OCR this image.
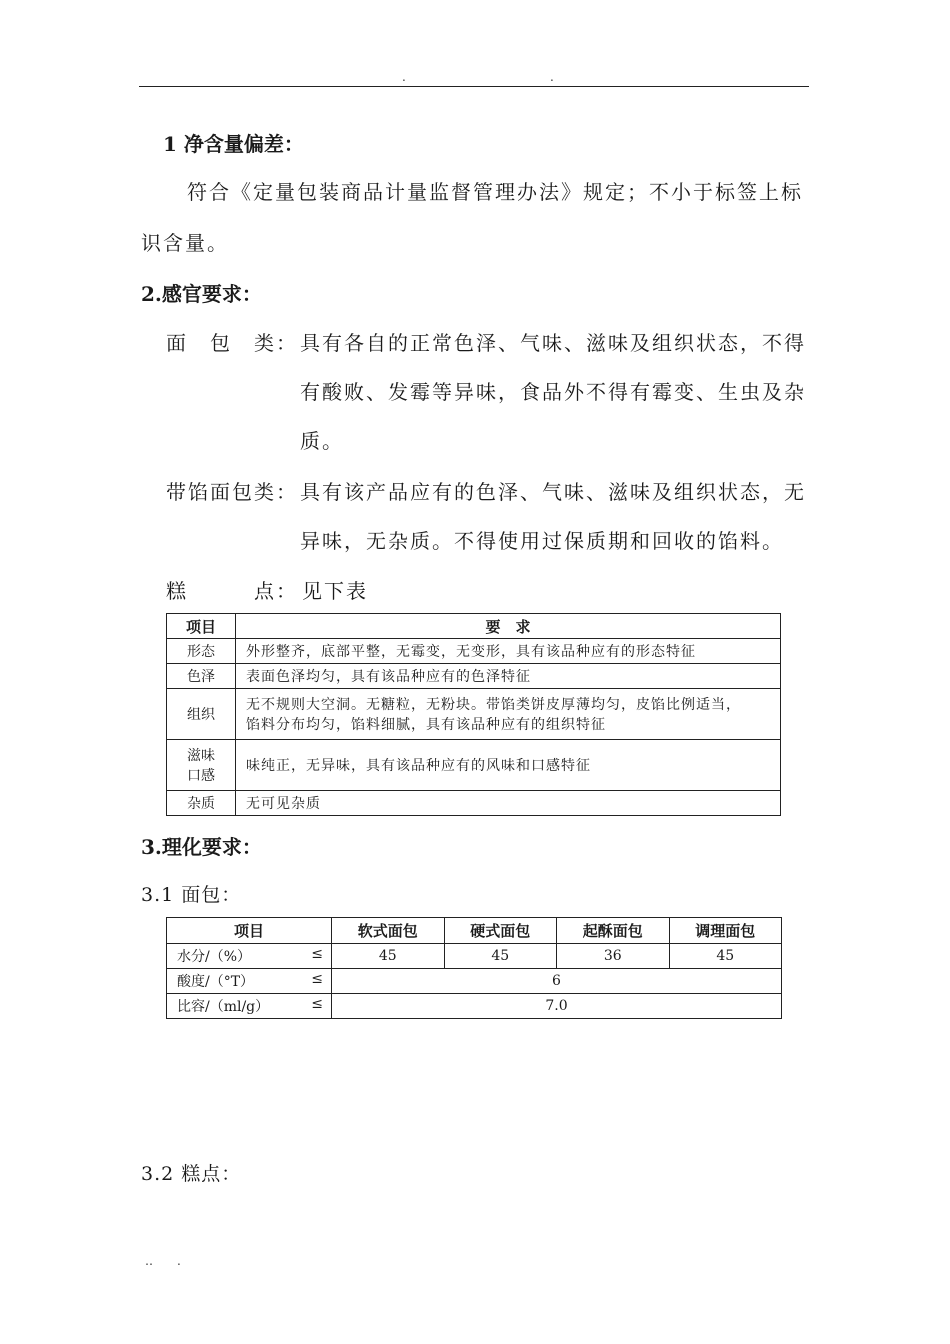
.	.
1 净含量偏差：
符合《定量包装商品计量监督管理办法》规定；不小于标签上标
识含量。
2.感官要求：
面　包　类： 具有各自的正常色泽、气味、滋味及组织状态，不得
有酸败、发霉等异味，食品外不得有霉变、生虫及杂
质。
带馅面包类： 具有该产品应有的色泽、气味、滋味及组织状态，无
异味，无杂质。不得使用过保质期和回收的馅料。
糕　　　点： 见下表
项目	要　求
形态	外形整齐，底部平整，无霉变，无变形，具有该品种应有的形态特征
色泽	表面色泽均匀，具有该品种应有的色泽特征
组织	无不规则大空洞。无糖粒，无粉块。带馅类饼皮厚薄均匀，皮馅比例适当，
馅料分布均匀，馅料细腻，具有该品种应有的组织特征

滋味
口感	味纯正，无异味，具有该品种应有的风味和口感特征
杂质	无可见杂质
3.理化要求：
3.1 面包：
项目	软式面包	硬式面包	起酥面包	调理面包
水分/（%） ≤	45	45	36	45
酸度/（°T） ≤	6			
比容/（ml/g） ≤	7.0			
3.2 糕点：
‥　　.
